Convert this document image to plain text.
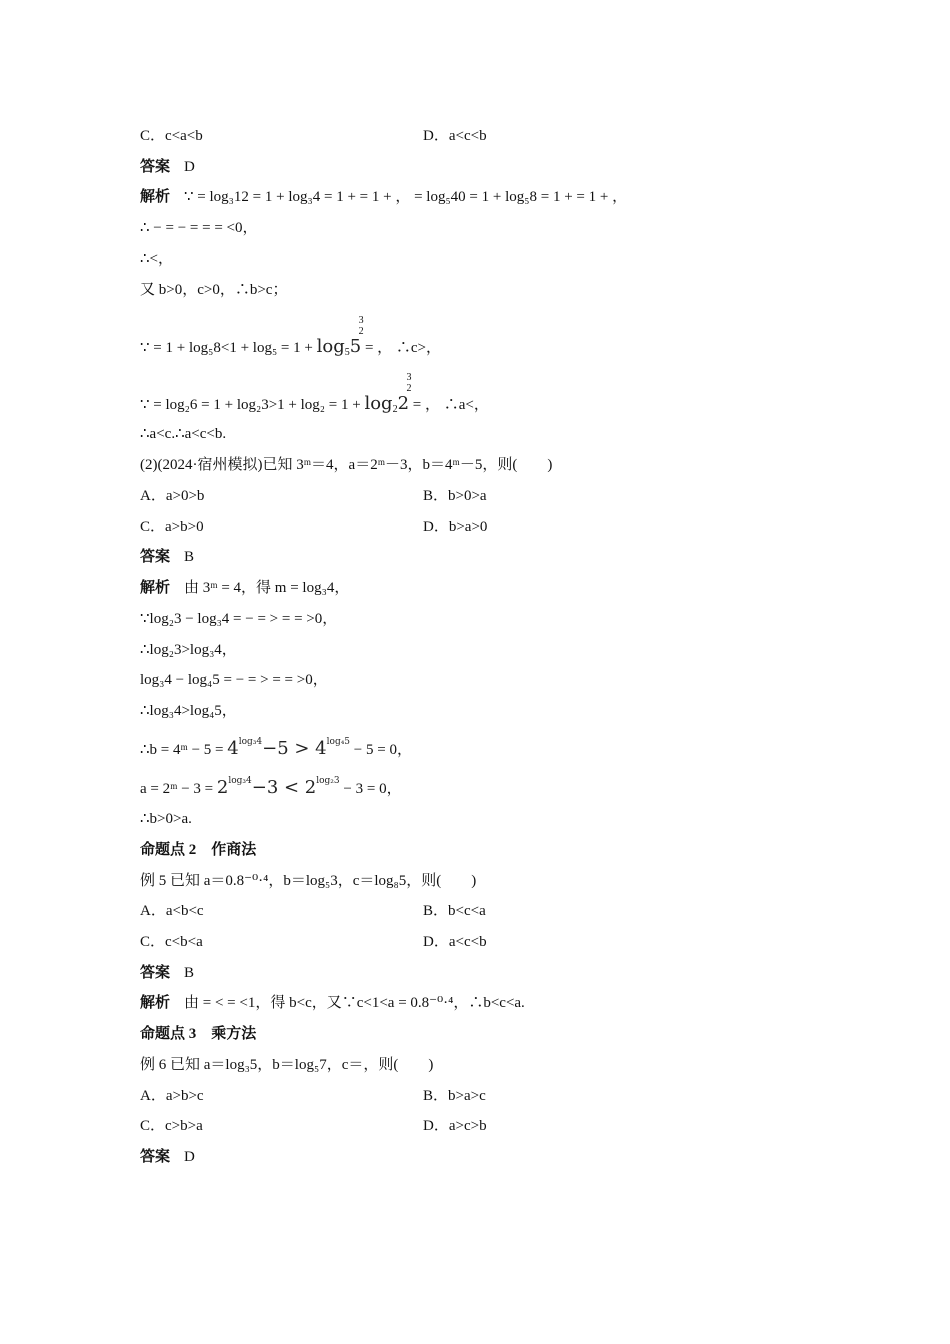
C．c<a<b	D．a<c<b
答案 D
解析 ∵ = log₃12 = 1 + log₃4 = 1 + = 1 + ， = log₅40 = 1 + log₅8 = 1 + = 1 + ，
∴ − = − = = = <0，
∴<，
又 b>0，c>0，∴b>c；
∵ = $1 + \log_58<1 + \log_5 = 1 + \log_55$
3
2
= ， ∴c>，
∵ = $\log_26 = 1 + \log_23>1 + \log_2 = 1 + \log_22$
3
2
= ， ∴a<，
∴a<c.∴a<c<b.
(2)(2024·宿州模拟)已知 3ᵐ＝4，a＝2ᵐ－3，b＝4ᵐ－5，则(　　)
A．a>0>b	B．b>0>a
C．a>b>0	D．b>a>0
答案 B
解析 由 3ᵐ = 4，得 m = log₃4，
∵log₂3 − log₃4 = − = > = = >0，
∴log₂3>log₃4，
log₃4 − log₄5 = − = > = = >0，
∴log₃4>log₄5，
∴b = 4ᵐ − $5 = 4^{log_34}-5 > 4^{log_45} - 5 = 0$，
a = 2ᵐ − $3 = 2^{log_34}-3 < 2^{log_23} - 3 = 0$，
∴b>0>a.
命题点 2　作商法
例 5 已知 a＝0.8⁻⁰·⁴，b＝log₅3，c＝log₈5，则(　　)
A．a<b<c	B．b<c<a
C．c<b<a	D．a<c<b
答案 B
解析 由 = < = <1，得 b<c，又∵c<1<a = 0.8⁻⁰·⁴，∴b<c<a.
命题点 3　乘方法
例 6 已知 a＝log₃5，b＝log₅7，c＝，则(　　)
A．a>b>c	B．b>a>c
C．c>b>a	D．a>c>b
答案 D
